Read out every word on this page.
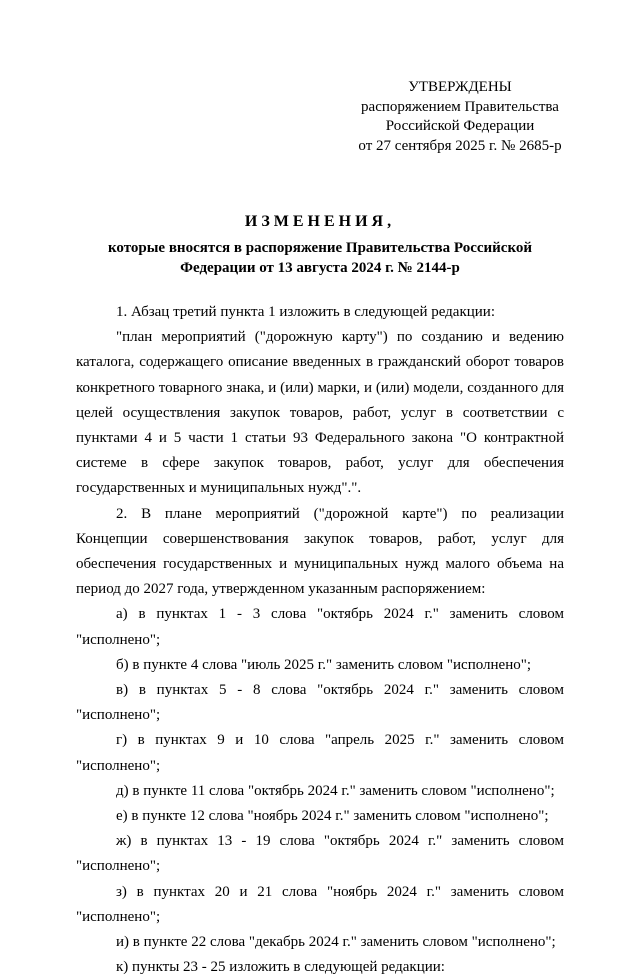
УТВЕРЖДЕНЫ
распоряжением Правительства
Российской Федерации
от 27 сентября 2025 г. № 2685-р
ИЗМЕНЕНИЯ,
которые вносятся в распоряжение Правительства Российской Федерации от 13 августа 2024 г. № 2144-р

1. Абзац третий пункта 1 изложить в следующей редакции:

"план мероприятий ("дорожную карту") по созданию и ведению каталога, содержащего описание введенных в гражданский оборот товаров конкретного товарного знака, и (или) марки, и (или) модели, созданного для целей осуществления закупок товаров, работ, услуг в соответствии с пунктами 4 и 5 части 1 статьи 93 Федерального закона "О контрактной системе в сфере закупок товаров, работ, услуг для обеспечения государственных и муниципальных нужд".".

2. В плане мероприятий ("дорожной карте") по реализации Концепции совершенствования закупок товаров, работ, услуг для обеспечения государственных и муниципальных нужд малого объема на период до 2027 года, утвержденном указанным распоряжением:

а) в пунктах 1 - 3 слова "октябрь 2024 г." заменить словом "исполнено";

б) в пункте 4 слова "июль 2025 г." заменить словом "исполнено";

в) в пунктах 5 - 8 слова "октябрь 2024 г." заменить словом "исполнено";

г) в пунктах 9 и 10 слова "апрель 2025 г." заменить словом "исполнено";

д) в пункте 11 слова "октябрь 2024 г." заменить словом "исполнено";

е) в пункте 12 слова "ноябрь 2024 г." заменить словом "исполнено";

ж) в пунктах 13 - 19 слова "октябрь 2024 г." заменить словом "исполнено";

з) в пунктах 20 и 21 слова "ноябрь 2024 г." заменить словом "исполнено";

и) в пункте 22 слова "декабрь 2024 г." заменить словом "исполнено";

к) пункты 23 - 25 изложить в следующей редакции:
